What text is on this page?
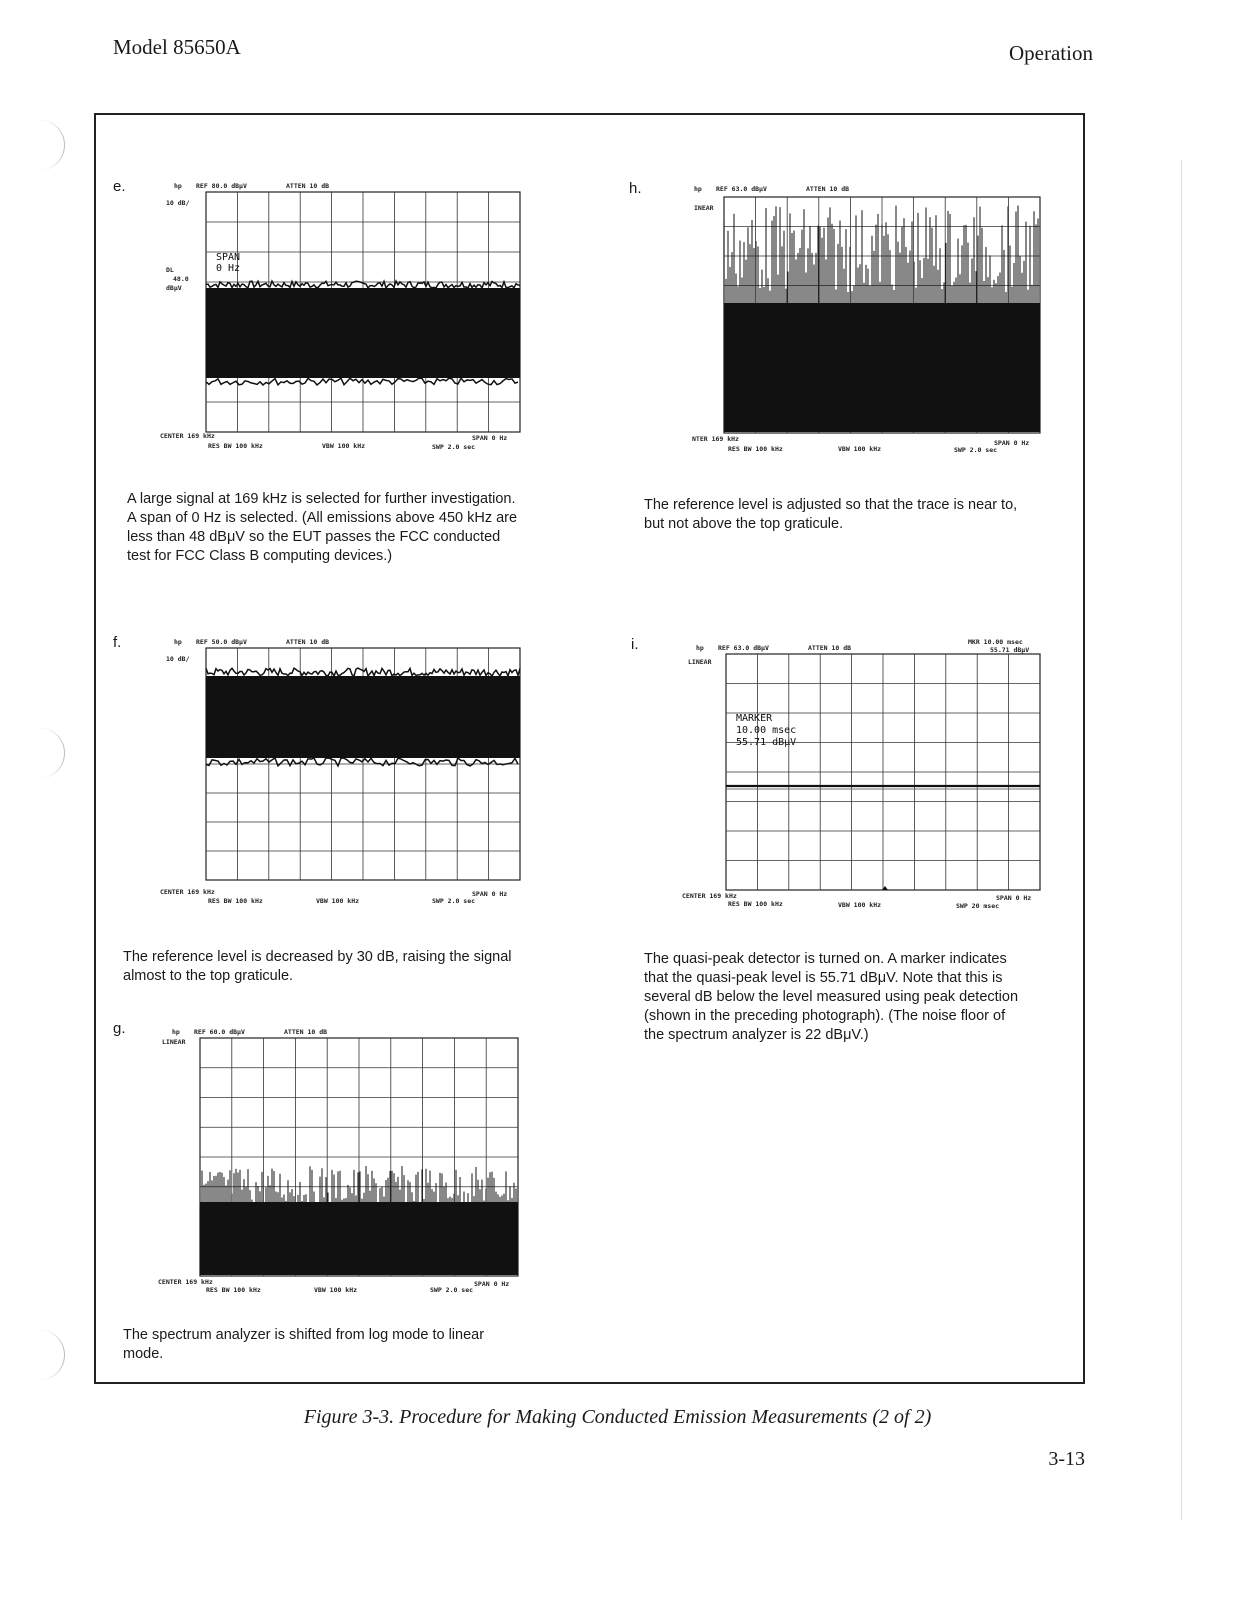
Model 85650A	Operation
e.	hp REF 80.0 dBμV	ATTEN 10 dB
10 dB/
DL
48.0
dBμV
SPAN
0 Hz
CENTER 169 kHz	SPAN 0 Hz
RES BW 100 kHz	VBW 100 kHz	SWP 2.0 sec
A large signal at 169 kHz is selected for further investigation.
A span of 0 Hz is selected. (All emissions above 450 kHz are
less than 48 dBμV so the EUT passes the FCC conducted
test for FCC Class B computing devices.)
f.	hp REF 50.0 dBμV	ATTEN 10 dB
10 dB/
CENTER 169 kHz	SPAN 0 Hz
RES BW 100 kHz	VBW 100 kHz	SWP 2.0 sec
The reference level is decreased by 30 dB, raising the signal
almost to the top graticule.
g.	hp REF 60.0 dBμV	ATTEN 10 dB
LINEAR
CENTER 169 kHz	SPAN 0 Hz
RES BW 100 kHz	VBW 100 kHz	SWP 2.0 sec
The spectrum analyzer is shifted from log mode to linear
mode.
h.	hp REF 63.0 dBμV	ATTEN 10 dB
INEAR
NTER 169 kHz	SPAN 0 Hz
RES BW 100 kHz	VBW 100 kHz	SWP 2.0 sec
The reference level is adjusted so that the trace is near to,
but not above the top graticule.
i.	hp REF 63.0 dBμV	ATTEN 10 dB
MKR 10.00 msec
55.71 dBμV
LINEAR
MARKER
10.00 msec
55.71 dBμV
CENTER 169 kHz	SPAN 0 Hz
RES BW 100 kHz	VBW 100 kHz	SWP 20 msec
The quasi-peak detector is turned on. A marker indicates
that the quasi-peak level is 55.71 dBμV. Note that this is
several dB below the level measured using peak detection
(shown in the preceding photograph). (The noise floor of
the spectrum analyzer is 22 dBμV.)
Figure 3-3. Procedure for Making Conducted Emission Measurements (2 of 2)
3-13
